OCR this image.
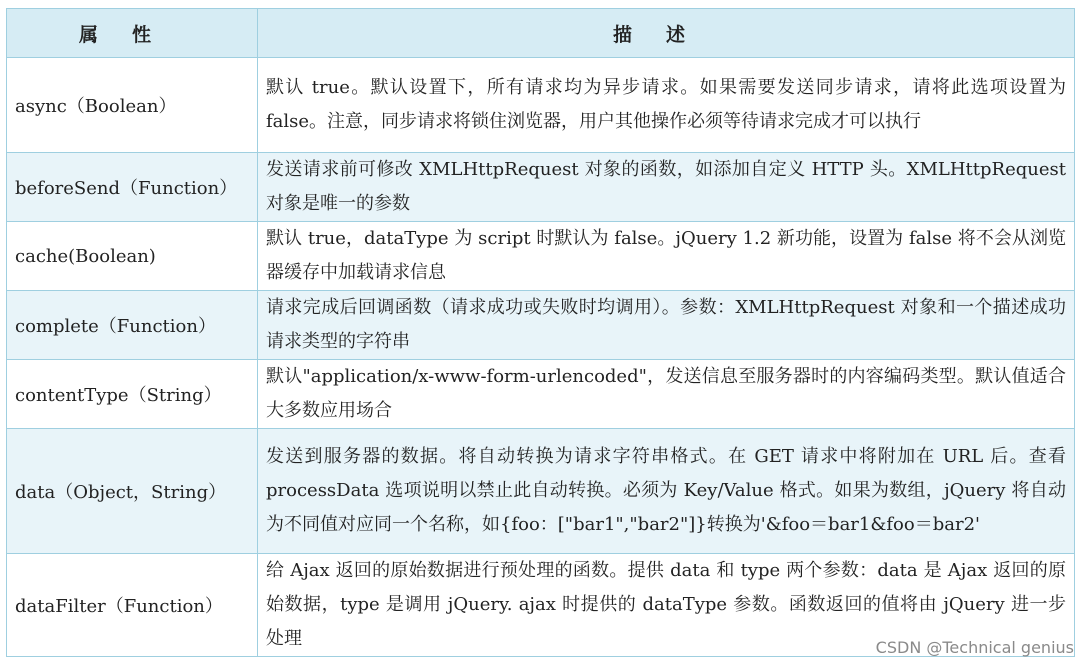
属性	描述
async（Boolean）	默认 true。默认设置下，所有请求均为异步请求。如果需要发送同步请求，请将此选项设置为 false。注意，同步请求将锁住浏览器，用户其他操作必须等待请求完成才可以执行
beforeSend（Function）	发送请求前可修改 XMLHttpRequest 对象的函数，如添加自定义 HTTP 头。XMLHttpRequest 对象是唯一的参数
cache(Boolean)	默认 true，dataType 为 script 时默认为 false。jQuery 1.2 新功能，设置为 false 将不会从浏览器缓存中加载请求信息
complete（Function）	请求完成后回调函数（请求成功或失败时均调用）。参数：XMLHttpRequest 对象和一个描述成功请求类型的字符串
contentType（String）	默认"application/x-www-form-urlencoded"，发送信息至服务器时的内容编码类型。默认值适合大多数应用场合
data（Object，String）	发送到服务器的数据。将自动转换为请求字符串格式。在 GET 请求中将附加在 URL 后。查看 processData 选项说明以禁止此自动转换。必须为 Key/Value 格式。如果为数组，jQuery 将自动为不同值对应同一个名称，如{foo：["bar1","bar2"]}转换为'&foo＝bar1&foo＝bar2'
dataFilter（Function）	给 Ajax 返回的原始数据进行预处理的函数。提供 data 和 type 两个参数：data 是 Ajax 返回的原始数据，type 是调用 jQuery. ajax 时提供的 dataType 参数。函数返回的值将由 jQuery 进一步处理	CSDN @Technical genius
